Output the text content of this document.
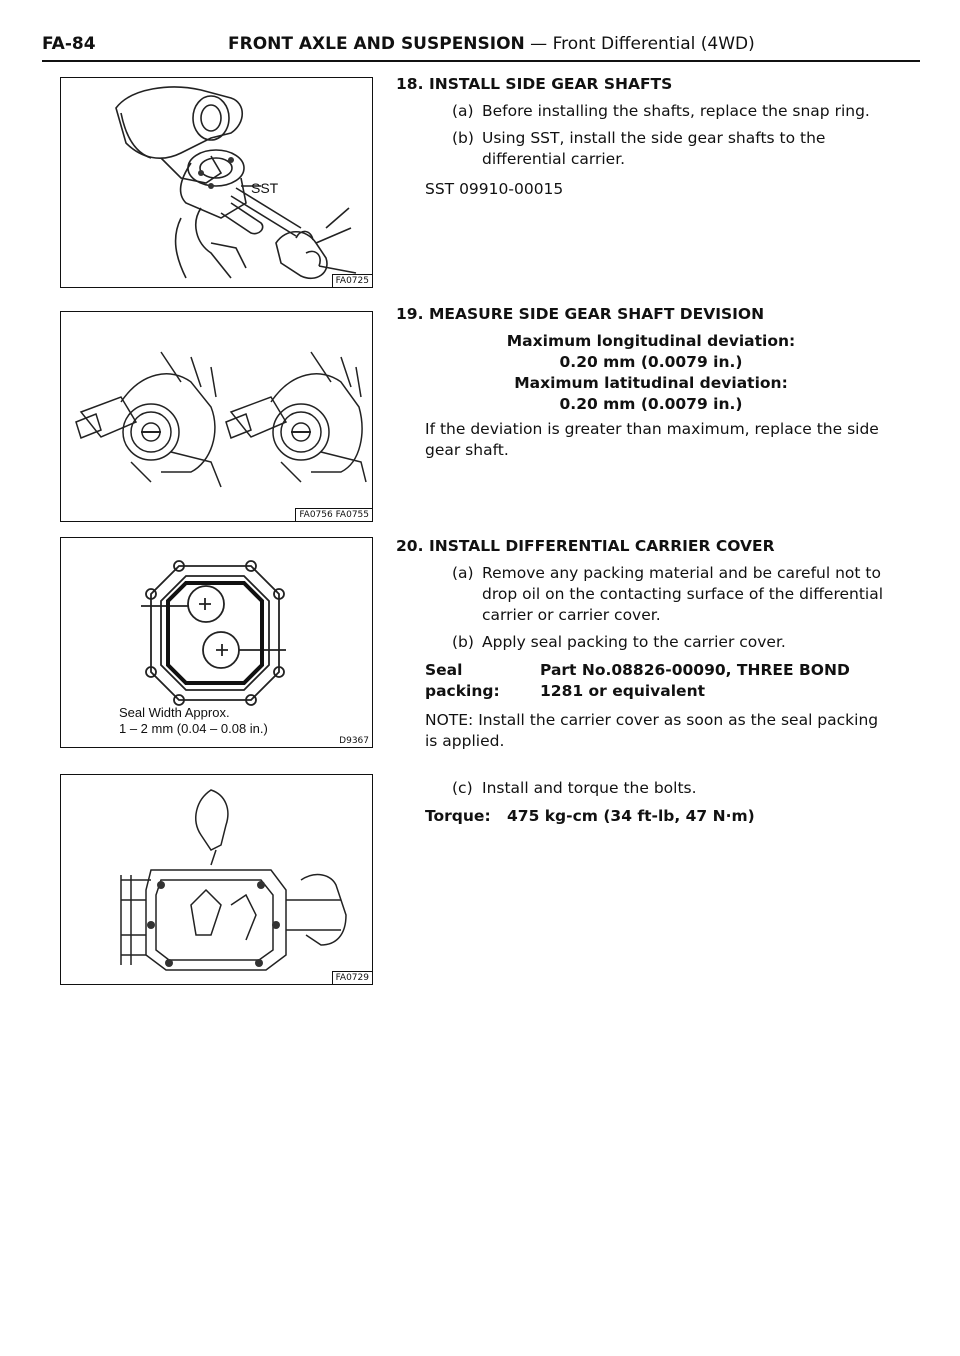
FA-84	FRONT AXLE AND SUSPENSION — Front Differential (4WD)
SST
FA0725
FA0756 FA0755
Seal Width Approx.
1 – 2 mm (0.04 – 0.08 in.)
D9367
FA0729
18. INSTALL SIDE GEAR SHAFTS
(a) Before installing the shafts, replace the snap ring.
(b) Using SST, install the side gear shafts to the differential carrier.
SST 09910-00015
19. MEASURE SIDE GEAR SHAFT DEVISION
Maximum longitudinal deviation:
0.20 mm (0.0079 in.)
Maximum latitudinal deviation:
0.20 mm (0.0079 in.)
If the deviation is greater than maximum, replace the side gear shaft.
20. INSTALL DIFFERENTIAL CARRIER COVER
(a) Remove any packing material and be careful not to drop oil on the contacting surface of the differential carrier or carrier cover.
(b) Apply seal packing to the carrier cover.
Seal packing:Part No.08826-00090, THREE BOND 1281 or equivalent
NOTE: Install the carrier cover as soon as the seal packing is applied.
(c) Install and torque the bolts.
Torque: 475 kg-cm (34 ft-lb, 47 N·m)
